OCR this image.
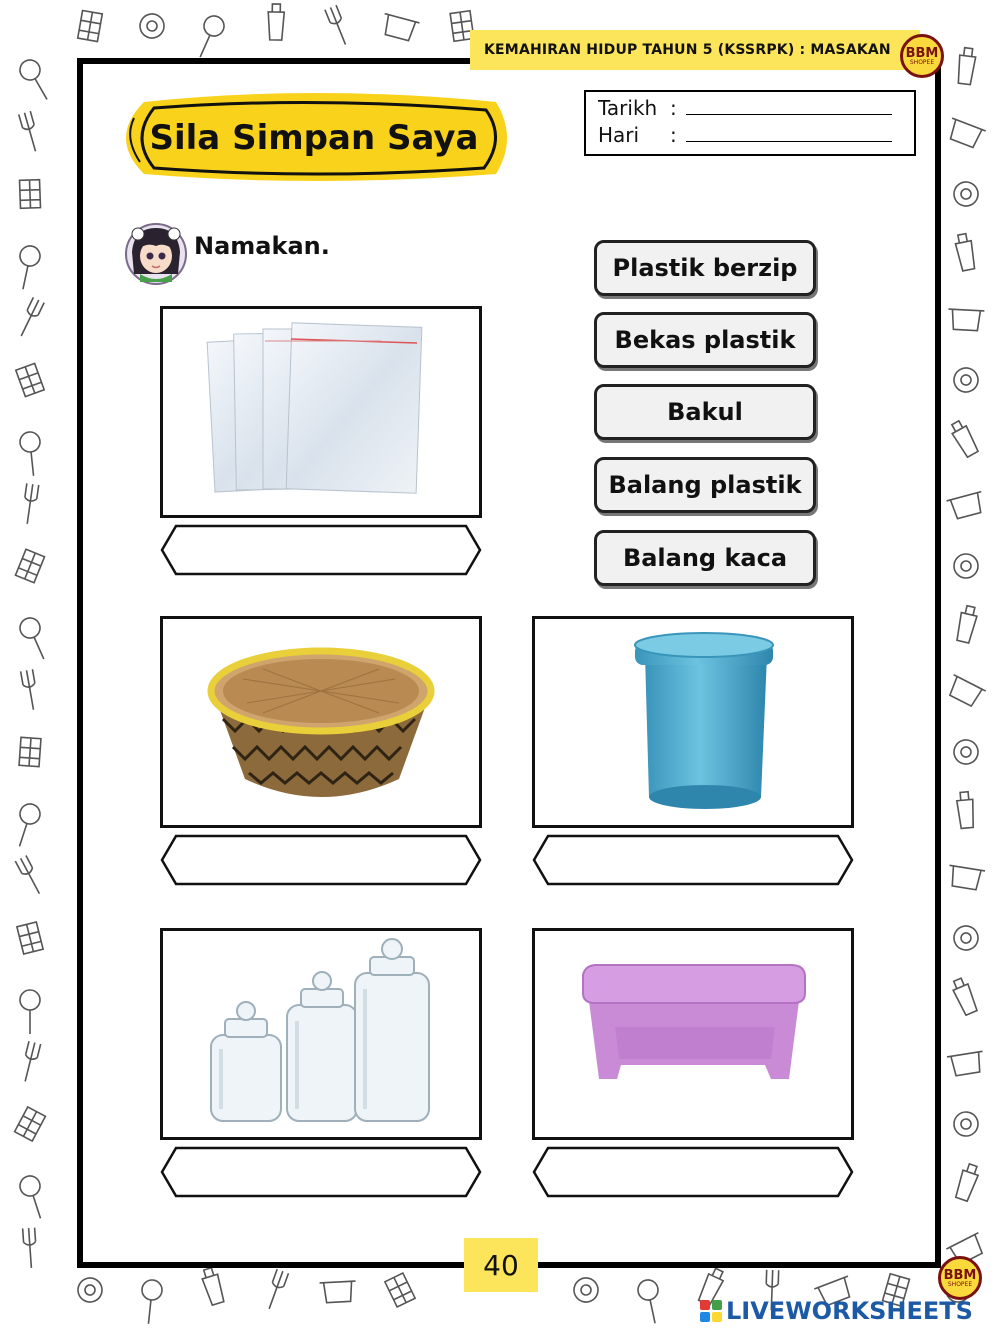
KEMAHIRAN HIDUP TAHUN 5 (KSSRPK) : MASAKAN BBM
SHOPEE
BBM
SHOPEE
Sila Simpan Saya
Tarikh :
Hari	:
Namakan.
Plastik berzip
Bekas plastik
Bakul
Balang plastik
Balang kaca
40
LIVEWORKSHEETS
